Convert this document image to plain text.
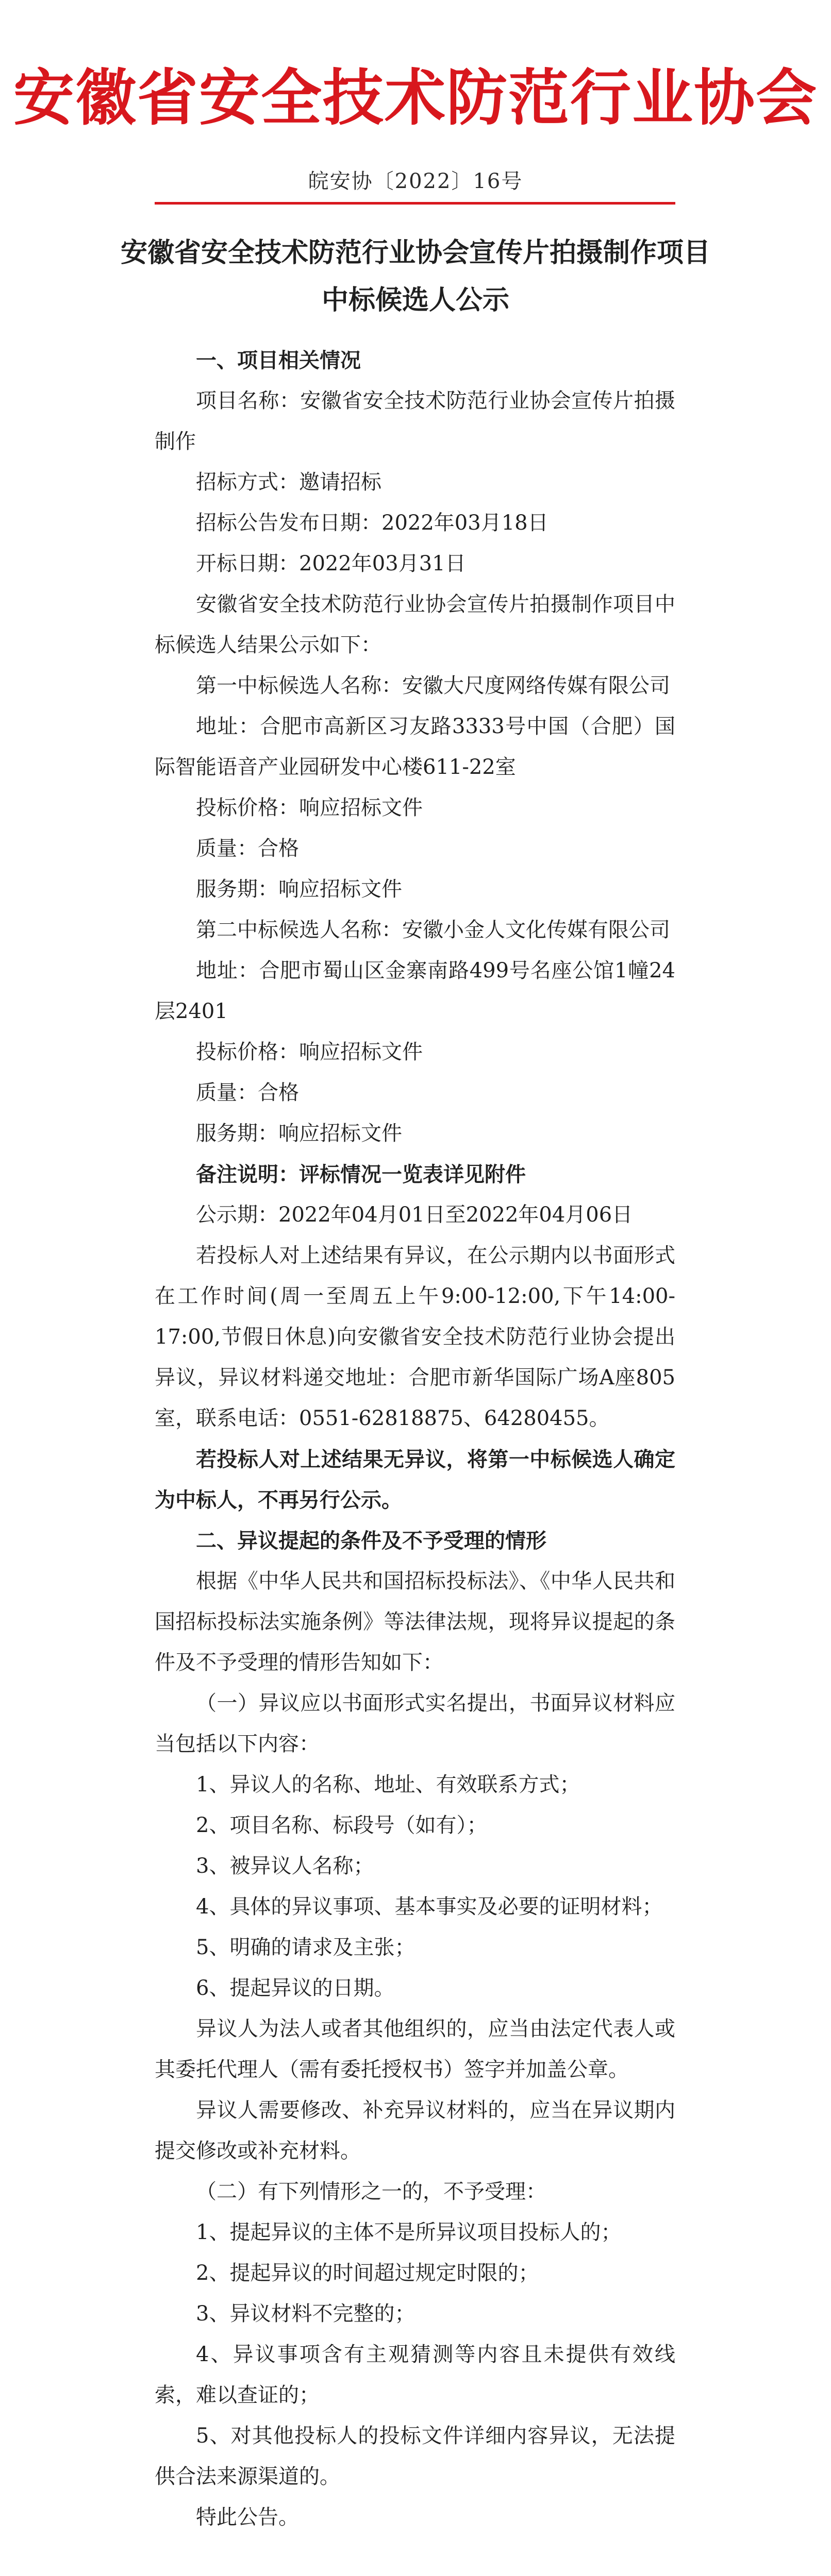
安徽省安全技术防范行业协会
皖安协〔2022〕16号
安徽省安全技术防范行业协会宣传片拍摄制作项目中标候选人公示

一、项目相关情况

项目名称：安徽省安全技术防范行业协会宣传片拍摄制作

招标方式：邀请招标

招标公告发布日期：2022年03月18日

开标日期：2022年03月31日

安徽省安全技术防范行业协会宣传片拍摄制作项目中标候选人结果公示如下：

第一中标候选人名称：安徽大尺度网络传媒有限公司

地址：合肥市高新区习友路3333号中国（合肥）国际智能语音产业园研发中心楼611-22室

投标价格：响应招标文件

质量：合格

服务期：响应招标文件

第二中标候选人名称：安徽小金人文化传媒有限公司

地址：合肥市蜀山区金寨南路499号名座公馆1幢24层2401

投标价格：响应招标文件

质量：合格

服务期：响应招标文件

备注说明：评标情况一览表详见附件

公示期：2022年04月01日至2022年04月06日

若投标人对上述结果有异议，在公示期内以书面形式在工作时间(周一至周五上午9:00-12:00,下午14:00-17:00,节假日休息)向安徽省安全技术防范行业协会提出异议，异议材料递交地址：合肥市新华国际广场A座805室，联系电话：0551-62818875、64280455。

若投标人对上述结果无异议，将第一中标候选人确定为中标人，不再另行公示。

二、异议提起的条件及不予受理的情形

根据《中华人民共和国招标投标法》、《中华人民共和国招标投标法实施条例》等法律法规，现将异议提起的条件及不予受理的情形告知如下：

（一）异议应以书面形式实名提出，书面异议材料应当包括以下内容：

1、异议人的名称、地址、有效联系方式；

2、项目名称、标段号（如有）；

3、被异议人名称；

4、具体的异议事项、基本事实及必要的证明材料；

5、明确的请求及主张；

6、提起异议的日期。

异议人为法人或者其他组织的，应当由法定代表人或其委托代理人（需有委托授权书）签字并加盖公章。

异议人需要修改、补充异议材料的，应当在异议期内提交修改或补充材料。

（二）有下列情形之一的，不予受理：

1、提起异议的主体不是所异议项目投标人的；

2、提起异议的时间超过规定时限的；

3、异议材料不完整的；

4、异议事项含有主观猜测等内容且未提供有效线索，难以查证的；

5、对其他投标人的投标文件详细内容异议，无法提供合法来源渠道的。

特此公告。
